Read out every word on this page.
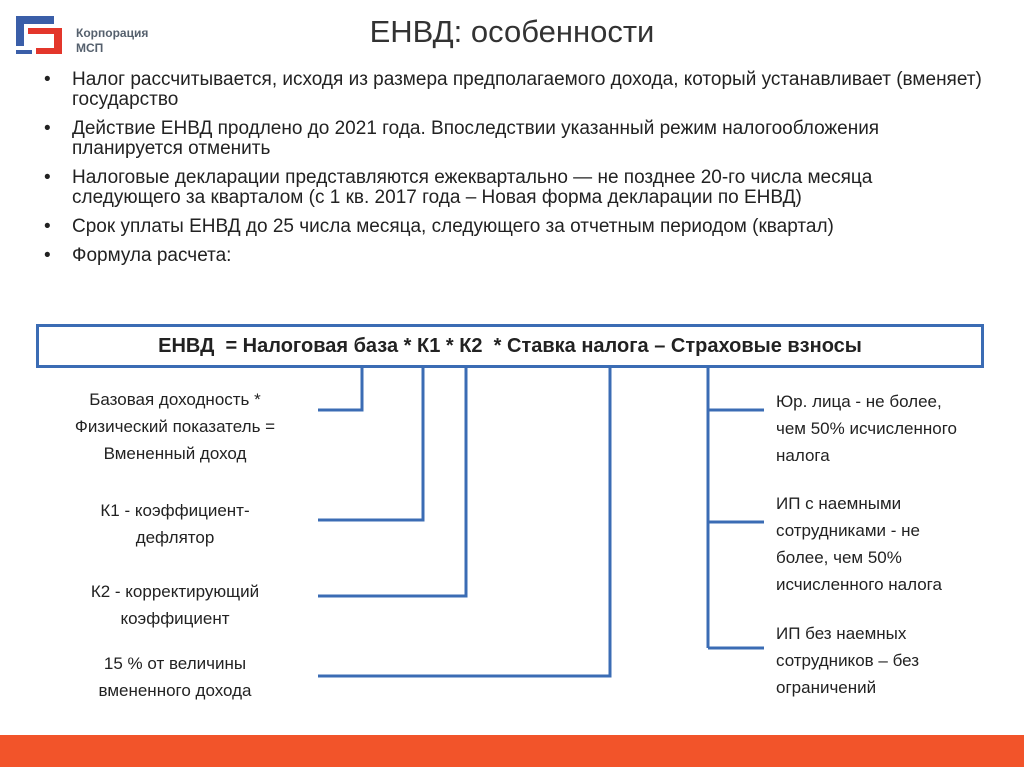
Корпорация
МСП	ЕНВД: особенности
• Налог рассчитывается, исходя из размера предполагаемого дохода, который устанавливает (вменяет) государство
• Действие ЕНВД продлено до 2021 года. Впоследствии указанный режим налогообложения планируется отменить
• Налоговые декларации представляются ежеквартально — не позднее 20-го числа месяца следующего за кварталом (с 1 кв. 2017 года – Новая форма декларации по ЕНВД)
• Срок уплаты ЕНВД до 25 числа месяца, следующего за отчетным периодом (квартал)
• Формула расчета:
ЕНВД  = Налоговая база * К1 * К2  * Ставка налога – Страховые взносы
Базовая доходность *
Физический показатель =
Вмененный доход
К1 - коэффициент-
дефлятор
К2 - корректирующий
коэффициент
15 % от величины
вмененного дохода
Юр. лица - не более,
чем 50% исчисленного
налога
ИП с наемными
сотрудниками - не
более, чем 50%
исчисленного налога
ИП без наемных
сотрудников – без
ограничений
